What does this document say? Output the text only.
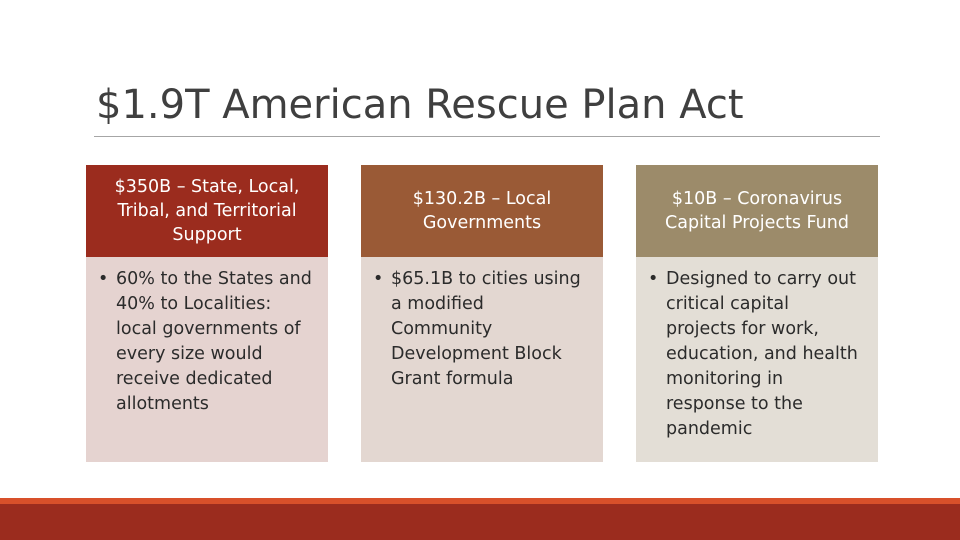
$1.9T American Rescue Plan Act
$350B – State, Local, Tribal, and Territorial Support
• 60% to the States and 40% to Localities: local governments of every size would receive dedicated allotments
$130.2B – Local Governments
• $65.1B to cities using a modified Community Development Block Grant formula
$10B – Coronavirus Capital Projects Fund
• Designed to carry out critical capital projects for work, education, and health monitoring in response to the pandemic
